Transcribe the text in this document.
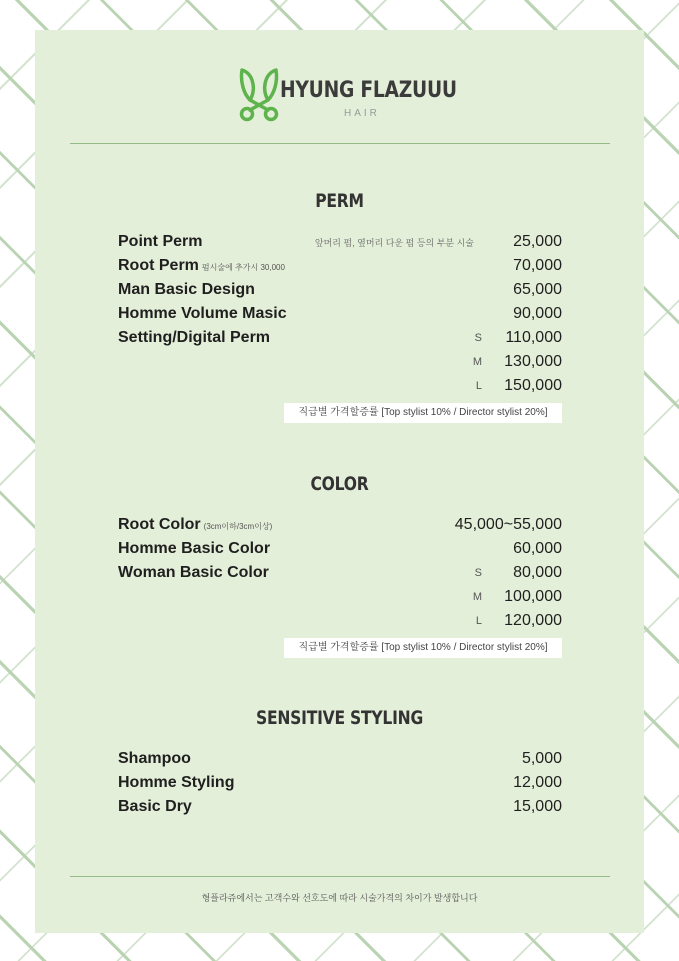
HYUNG FLAZUUU
HAIR
PERM
Point Perm	앞머리 펌, 옆머리 다운 펌 등의 부분 시술 25,000
Root Perm 펌시술에 추가시 30,000	70,000
Man Basic Design	65,000
Homme Volume Masic	90,000
Setting/Digital Perm	S 110,000
M 130,000
L 150,000
직급별 가격할증률 [Top stylist 10% / Director stylist 20%]
COLOR
Root Color (3cm이하/3cm이상)	45,000~55,000
Homme Basic Color	60,000
Woman Basic Color	S 80,000
M 100,000
L 120,000
직급별 가격할증률 [Top stylist 10% / Director stylist 20%]
SENSITIVE STYLING
Shampoo	5,000
Homme Styling	12,000
Basic Dry	15,000
형플라쥬에서는 고객수와 선호도에 따라 시술가격의 차이가 발생합니다
